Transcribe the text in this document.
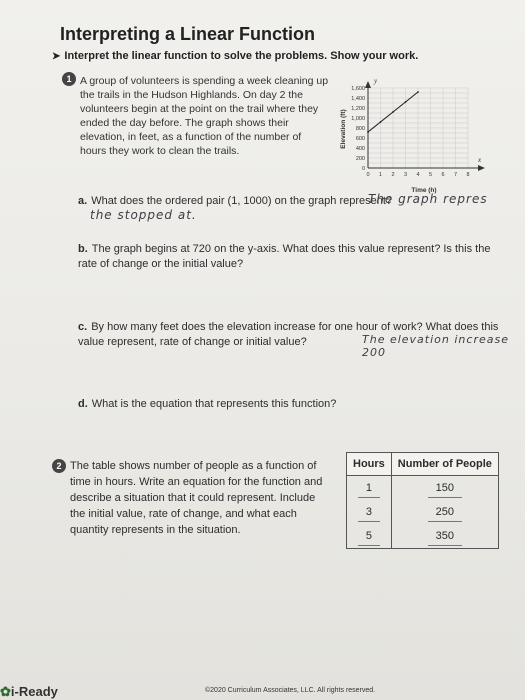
Interpreting a Linear Function
➤ Interpret the linear function to solve the problems. Show your work.
1 A group of volunteers is spending a week cleaning up the trails in the Hudson Highlands. On day 2 the volunteers begin at the point on the trail where they ended the day before. The graph shows their elevation, in feet, as a function of the number of hours they work to clean the trails.
y
x
0
200
400
600
800
1,000
1,200
1,400
1,600
0 1 2 3 4 5 6 7 8
Elevation (ft)
Time (h)
a. What does the ordered pair (1, 1000) on the graph represent?
The graph repres
the stopped at.
b. The graph begins at 720 on the y-axis. What does this value represent? Is this the rate of change or the initial value?
c. By how many feet does the elevation increase for one hour of work? What does this value represent, rate of change or initial value?	The elevation increase 200
d. What is the equation that represents this function?
2 The table shows number of people as a function of time in hours. Write an equation for the function and describe a situation that it could represent. Include the initial value, rate of change, and what each quantity represents in the situation.
Hours	Number of People
1	150
3	250
5	350
✿i-Ready	©2020 Curriculum Associates, LLC. All rights reserved.
